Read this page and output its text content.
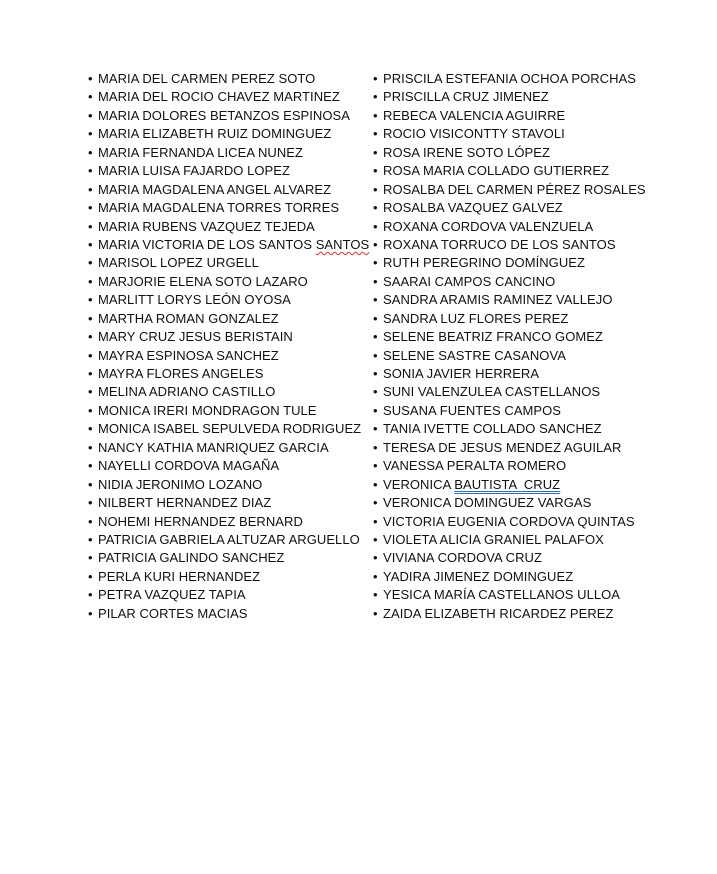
• MARIA DEL CARMEN PEREZ SOTO
• MARIA DEL ROCIO CHAVEZ MARTINEZ
• MARIA DOLORES BETANZOS ESPINOSA
• MARIA ELIZABETH RUIZ DOMINGUEZ
• MARIA FERNANDA LICEA NUNEZ
• MARIA LUISA FAJARDO LOPEZ
• MARIA MAGDALENA ANGEL ALVAREZ
• MARIA MAGDALENA TORRES TORRES
• MARIA RUBENS VAZQUEZ TEJEDA
• MARIA VICTORIA DE LOS SANTOS SANTOS
• MARISOL LOPEZ URGELL
• MARJORIE ELENA SOTO LAZARO
• MARLITT LORYS LEÓN OYOSA
• MARTHA ROMAN GONZALEZ
• MARY CRUZ JESUS BERISTAIN
• MAYRA ESPINOSA SANCHEZ
• MAYRA FLORES ANGELES
• MELINA ADRIANO CASTILLO
• MONICA IRERI MONDRAGON TULE
• MONICA ISABEL SEPULVEDA RODRIGUEZ
• NANCY KATHIA MANRIQUEZ GARCIA
• NAYELLI CORDOVA MAGAÑA
• NIDIA JERONIMO LOZANO
• NILBERT HERNANDEZ DIAZ
• NOHEMI HERNANDEZ BERNARD
• PATRICIA GABRIELA ALTUZAR ARGUELLO
• PATRICIA GALINDO SANCHEZ
• PERLA KURI HERNANDEZ
• PETRA VAZQUEZ TAPIA
• PILAR CORTES MACIAS
• PRISCILA ESTEFANIA OCHOA PORCHAS
• PRISCILLA CRUZ JIMENEZ
• REBECA VALENCIA AGUIRRE
• ROCIO VISICONTTY STAVOLI
• ROSA IRENE SOTO LÓPEZ
• ROSA MARIA COLLADO GUTIERREZ
• ROSALBA DEL CARMEN PÉREZ ROSALES
• ROSALBA VAZQUEZ GALVEZ
• ROXANA CORDOVA VALENZUELA
• ROXANA TORRUCO DE LOS SANTOS
• RUTH PEREGRINO DOMÍNGUEZ
• SAARAI CAMPOS CANCINO
• SANDRA ARAMIS RAMINEZ VALLEJO
• SANDRA LUZ FLORES PEREZ
• SELENE BEATRIZ FRANCO GOMEZ
• SELENE SASTRE CASANOVA
• SONIA JAVIER HERRERA
• SUNI VALENZULEA CASTELLANOS
• SUSANA FUENTES CAMPOS
• TANIA IVETTE COLLADO SANCHEZ
• TERESA DE JESUS MENDEZ AGUILAR
• VANESSA PERALTA ROMERO
• VERONICA BAUTISTA  CRUZ
• VERONICA DOMINGUEZ VARGAS
• VICTORIA EUGENIA CORDOVA QUINTAS
• VIOLETA ALICIA GRANIEL PALAFOX
• VIVIANA CORDOVA CRUZ
• YADIRA JIMENEZ DOMINGUEZ
• YESICA MARÍA CASTELLANOS ULLOA
• ZAIDA ELIZABETH RICARDEZ PEREZ
